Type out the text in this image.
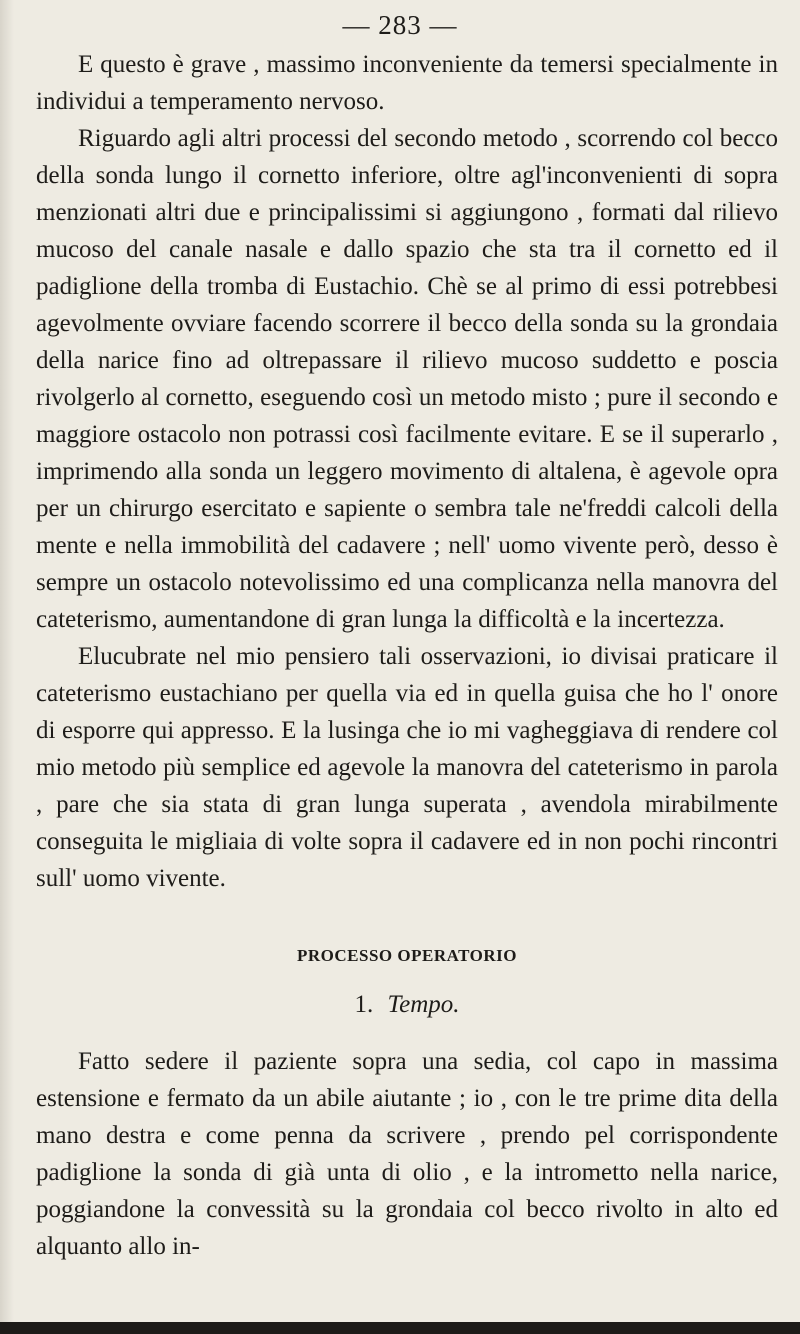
— 283 —

E questo è grave , massimo inconveniente da temersi specialmente in individui a temperamento nervoso.

Riguardo agli altri processi del secondo metodo , scorrendo col becco della sonda lungo il cornetto inferiore, oltre agl'inconvenienti di sopra menzionati altri due e principalissimi si aggiungono , formati dal rilievo mucoso del canale nasale e dallo spazio che sta tra il cornetto ed il padiglione della tromba di Eustachio. Chè se al primo di essi potrebbesi agevolmente ovviare facendo scorrere il becco della sonda su la grondaia della narice fino ad oltrepassare il rilievo mucoso suddetto e poscia rivolgerlo al cornetto, eseguendo così un metodo misto ; pure il secondo e maggiore ostacolo non potrassi così facilmente evitare. E se il superarlo , imprimendo alla sonda un leggero movimento di altalena, è agevole opra per un chirurgo esercitato e sapiente o sembra tale ne'freddi calcoli della mente e nella immobilità del cadavere ; nell' uomo vivente però, desso è sempre un ostacolo notevolissimo ed una complicanza nella manovra del cateterismo, aumentandone di gran lunga la difficoltà e la incertezza.

Elucubrate nel mio pensiero tali osservazioni, io divisai praticare il cateterismo eustachiano per quella via ed in quella guisa che ho l' onore di esporre qui appresso. E la lusinga che io mi vagheggiava di rendere col mio metodo più semplice ed agevole la manovra del cateterismo in parola , pare che sia stata di gran lunga superata , avendola mirabilmente conseguita le migliaia di volte sopra il cadavere ed in non pochi rincontri sull' uomo vivente.

PROCESSO OPERATORIO
1. Tempo.

Fatto sedere il paziente sopra una sedia, col capo in massima estensione e fermato da un abile aiutante ; io , con le tre prime dita della mano destra e come penna da scrivere , prendo pel corrispondente padiglione la sonda di già unta di olio , e la intrometto nella narice, poggiandone la convessità su la grondaia col becco rivolto in alto ed alquanto allo in-
